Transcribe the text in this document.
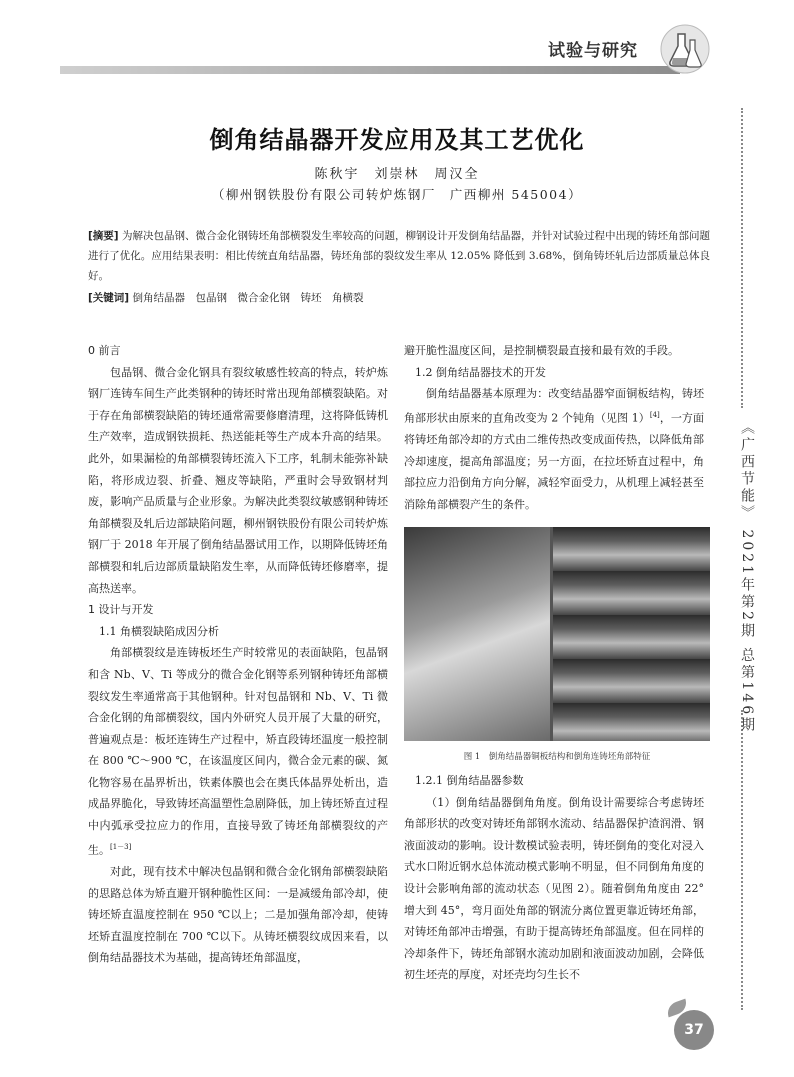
试验与研究
《广西节能》 2021年第2期 总第146期
倒角结晶器开发应用及其工艺优化
陈秋宇　刘崇林　周汉全
（柳州钢铁股份有限公司转炉炼钢厂　广西柳州 545004）
[摘要] 为解决包晶钢、微合金化钢铸坯角部横裂发生率较高的问题，柳钢设计开发倒角结晶器，并针对试验过程中出现的铸坯角部问题进行了优化。应用结果表明：相比传统直角结晶器，铸坯角部的裂纹发生率从 12.05% 降低到 3.68%，倒角铸坯轧后边部质量总体良好。
[关键词] 倒角结晶器　包晶钢　微合金化钢　铸坯　角横裂
0 前言

包晶钢、微合金化钢具有裂纹敏感性较高的特点，转炉炼钢厂连铸车间生产此类钢种的铸坯时常出现角部横裂缺陷。对于存在角部横裂缺陷的铸坯通常需要修磨清理，这将降低铸机生产效率，造成钢铁损耗、热送能耗等生产成本升高的结果。此外，如果漏检的角部横裂铸坯流入下工序，轧制未能弥补缺陷，将形成边裂、折叠、翘皮等缺陷，严重时会导致钢材判废，影响产品质量与企业形象。为解决此类裂纹敏感钢种铸坯角部横裂及轧后边部缺陷问题，柳州钢铁股份有限公司转炉炼钢厂于 2018 年开展了倒角结晶器试用工作，以期降低铸坯角部横裂和轧后边部质量缺陷发生率，从而降低铸坯修磨率，提高热送率。

1 设计与开发
1.1 角横裂缺陷成因分析

角部横裂纹是连铸板坯生产时较常见的表面缺陷，包晶钢和含 Nb、V、Ti 等成分的微合金化钢等系列钢种铸坯角部横裂纹发生率通常高于其他钢种。针对包晶钢和 Nb、V、Ti 微合金化钢的角部横裂纹，国内外研究人员开展了大量的研究，普遍观点是：板坯连铸生产过程中，矫直段铸坯温度一般控制在 800 ℃～900 ℃，在该温度区间内，微合金元素的碳、氮化物容易在晶界析出，铁素体膜也会在奥氏体晶界处析出，造成晶界脆化，导致铸坯高温塑性急剧降低，加上铸坯矫直过程中内弧承受拉应力的作用，直接导致了铸坯角部横裂纹的产生。[1－3]

对此，现有技术中解决包晶钢和微合金化钢角部横裂缺陷的思路总体为矫直避开钢种脆性区间：一是减缓角部冷却，使铸坯矫直温度控制在 950 ℃以上；二是加强角部冷却，使铸坯矫直温度控制在 700 ℃以下。从铸坯横裂纹成因来看，以倒角结晶器技术为基础，提高铸坯角部温度，

避开脆性温度区间，是控制横裂最直接和最有效的手段。

1.2 倒角结晶器技术的开发

倒角结晶器基本原理为：改变结晶器窄面铜板结构，铸坯角部形状由原来的直角改变为 2 个钝角（见图 1）[4]，一方面将铸坯角部冷却的方式由二维传热改变成面传热，以降低角部冷却速度，提高角部温度；另一方面，在拉坯矫直过程中，角部拉应力沿倒角方向分解，减轻窄面受力，从机理上减轻甚至消除角部横裂产生的条件。

图 1　倒角结晶器铜板结构和倒角连铸坯角部特征
1.2.1 倒角结晶器参数

（1）倒角结晶器倒角角度。倒角设计需要综合考虑铸坯角部形状的改变对铸坯角部钢水流动、结晶器保护渣润滑、钢液面波动的影响。设计数模试验表明，铸坯倒角的变化对浸入式水口附近钢水总体流动模式影响不明显，但不同倒角角度的设计会影响角部的流动状态（见图 2）。随着倒角角度由 22° 增大到 45°，弯月面处角部的钢流分离位置更靠近铸坯角部，对铸坯角部冲击增强，有助于提高铸坯角部温度。但在同样的冷却条件下，铸坯角部钢水流动加剧和液面波动加剧，会降低初生坯壳的厚度，对坯壳均匀生长不

37
